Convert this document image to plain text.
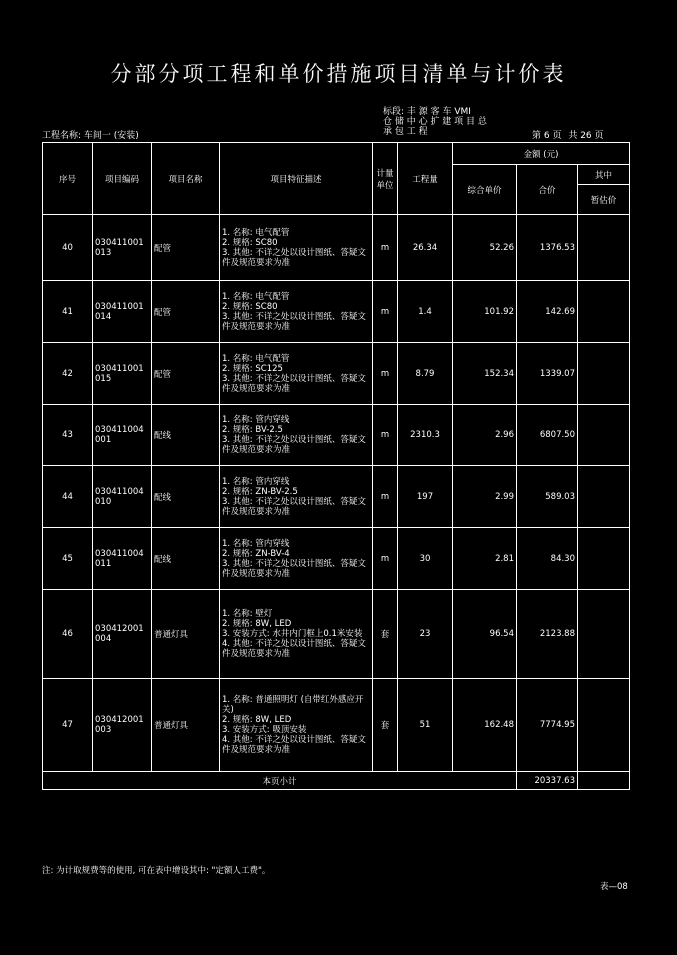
分部分项工程和单价措施项目清单与计价表
标段: 丰 源 客 车 VMI
仓 储 中 心 扩 建 项 目 总
承 包 工 程
工程名称: 车间一 (安装)	第 6 页 共 26 页
序号	项目编码	项目名称	项目特征描述	计量单位	工程量	金额 (元)		
						综合单价	合价	其中
								暂估价
40	030411001 013	配管	1. 名称: 电气配管
2. 规格: SC80
3. 其他: 不详之处以设计图纸、答疑文件及规范要求为准	m	26.34	52.26	1376.53	
41	030411001 014	配管	1. 名称: 电气配管
2. 规格: SC80
3. 其他: 不详之处以设计图纸、答疑文件及规范要求为准	m	1.4	101.92	142.69	
42	030411001 015	配管	1. 名称: 电气配管
2. 规格: SC125
3. 其他: 不详之处以设计图纸、答疑文件及规范要求为准	m	8.79	152.34	1339.07	
43	030411004 001	配线	1. 名称: 管内穿线
2. 规格: BV-2.5
3. 其他: 不详之处以设计图纸、答疑文件及规范要求为准	m	2310.3	2.96	6807.50	
44	030411004 010	配线	1. 名称: 管内穿线
2. 规格: ZN-BV-2.5
3. 其他: 不详之处以设计图纸、答疑文件及规范要求为准	m	197	2.99	589.03	
45	030411004 011	配线	1. 名称: 管内穿线
2. 规格: ZN-BV-4
3. 其他: 不详之处以设计图纸、答疑文件及规范要求为准	m	30	2.81	84.30	
46	030412001 004	普通灯具	1. 名称: 壁灯
2. 规格: 8W, LED
3. 安装方式: 水井内门框上0.1米安装
4. 其他: 不详之处以设计图纸、答疑文件及规范要求为准	套	23	96.54	2123.88	
47	030412001 003	普通灯具	1. 名称: 普通照明灯 (自带红外感应开关)
2. 规格: 8W, LED
3. 安装方式: 吸顶安装
4. 其他: 不详之处以设计图纸、答疑文件及规范要求为准	套	51	162.48	7774.95	
本页小计							20337.63	
注: 为计取规费等的使用, 可在表中增设其中: "定额人工费"。
表—08
